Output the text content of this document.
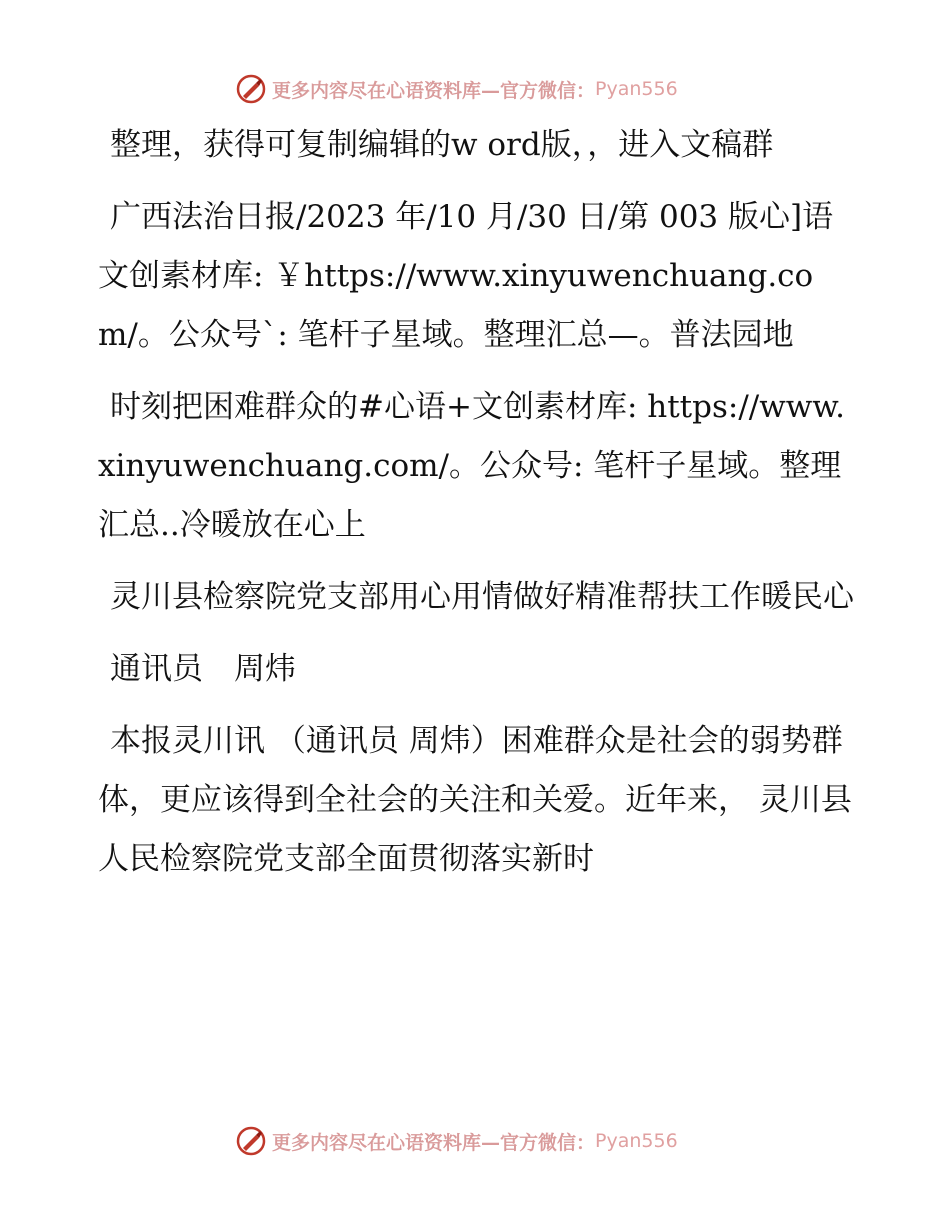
更多内容尽在心语资料库—官方微信： Pyan556

整理，获得可复制编辑的w ord版，，进入文稿群

广西法治日报/2023 年/10 月/30 日/第 003 版心]语文创素材库: ￥https://www.xinyuwenchuang.com/。公众号`: 笔杆子星域。整理汇总—。普法园地

时刻把困难群众的#心语+文创素材库: https://www.xinyuwenchuang.com/。公众号: 笔杆子星域。整理汇总..冷暖放在心上

灵川县检察院党支部用心用情做好精准帮扶工作暖民心

通讯员　周炜

本报灵川讯 （通讯员 周炜）困难群众是社会的弱势群体，更应该得到全社会的关注和关爱。近年来， 灵川县人民检察院党支部全面贯彻落实新时

更多内容尽在心语资料库—官方微信： Pyan556
